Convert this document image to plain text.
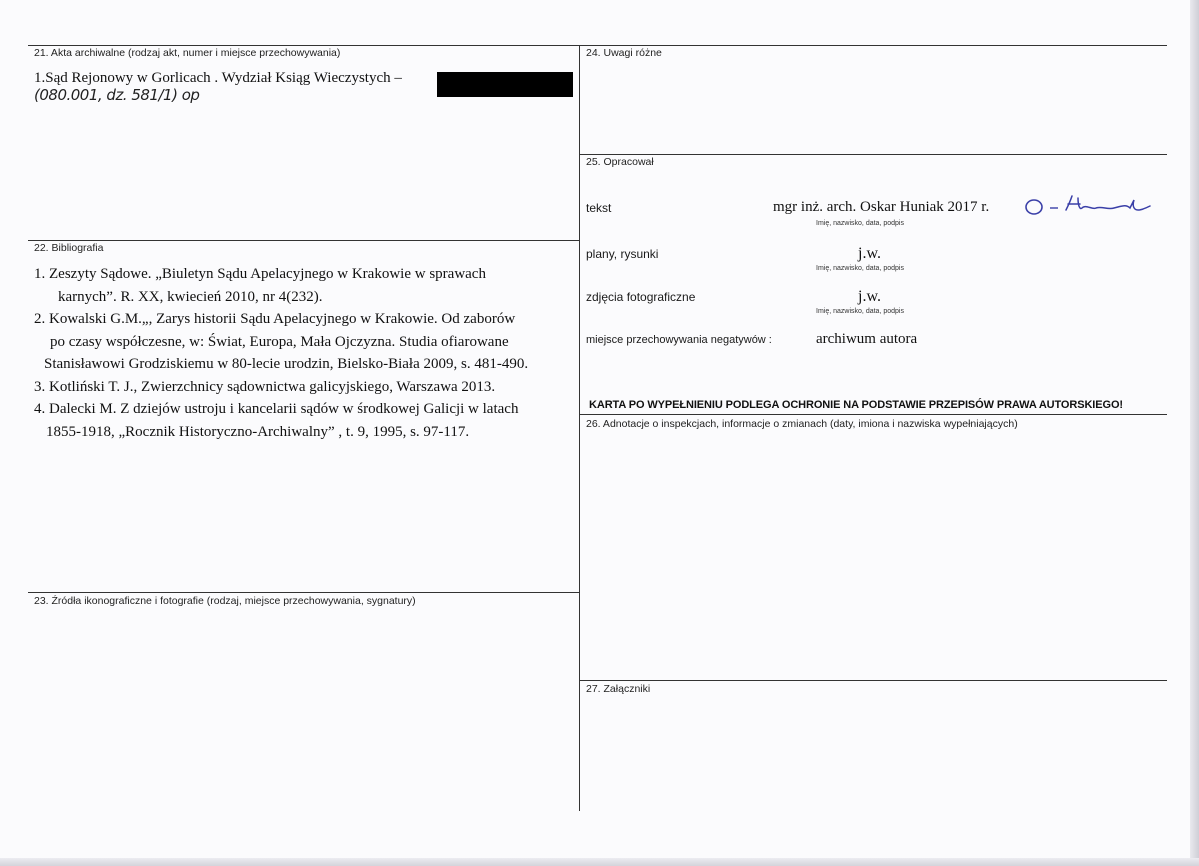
21. Akta archiwalne (rodzaj akt, numer i miejsce przechowywania)
1.Sąd Rejonowy w Gorlicach . Wydział Ksiąg Wieczystych –
(080.001, dz. 581/1) op
22. Bibliografia
1. Zeszyty Sądowe. „Biuletyn Sądu Apelacyjnego w Krakowie w sprawach
karnych”. R. XX, kwiecień 2010, nr 4(232).
2. Kowalski G.M.„, Zarys historii Sądu Apelacyjnego w Krakowie. Od zaborów
po czasy współczesne, w: Świat, Europa, Mała Ojczyzna. Studia ofiarowane
Stanisławowi Grodziskiemu w 80-lecie urodzin, Bielsko-Biała 2009, s. 481-490.
3. Kotliński T. J., Zwierzchnicy sądownictwa galicyjskiego, Warszawa 2013.
4. Dalecki M. Z dziejów ustroju i kancelarii sądów w środkowej Galicji w latach
1855-1918, „Rocznik Historyczno-Archiwalny” , t. 9, 1995, s. 97-117.
23. Źródła ikonograficzne i fotografie (rodzaj, miejsce przechowywania, sygnatury)
24. Uwagi różne
25. Opracował
tekst	mgr inż. arch. Oskar Huniak 2017 r.
Imię, nazwisko, data, podpis
plany, rysunki	j.w.
Imię, nazwisko, data, podpis
zdjęcia fotograficzne	j.w.
Imię, nazwisko, data, podpis
miejsce przechowywania negatywów :	archiwum autora
KARTA PO WYPEŁNIENIU PODLEGA OCHRONIE NA PODSTAWIE PRZEPISÓW PRAWA AUTORSKIEGO!
26. Adnotacje o inspekcjach, informacje o zmianach (daty, imiona i nazwiska wypełniających)
27. Załączniki
